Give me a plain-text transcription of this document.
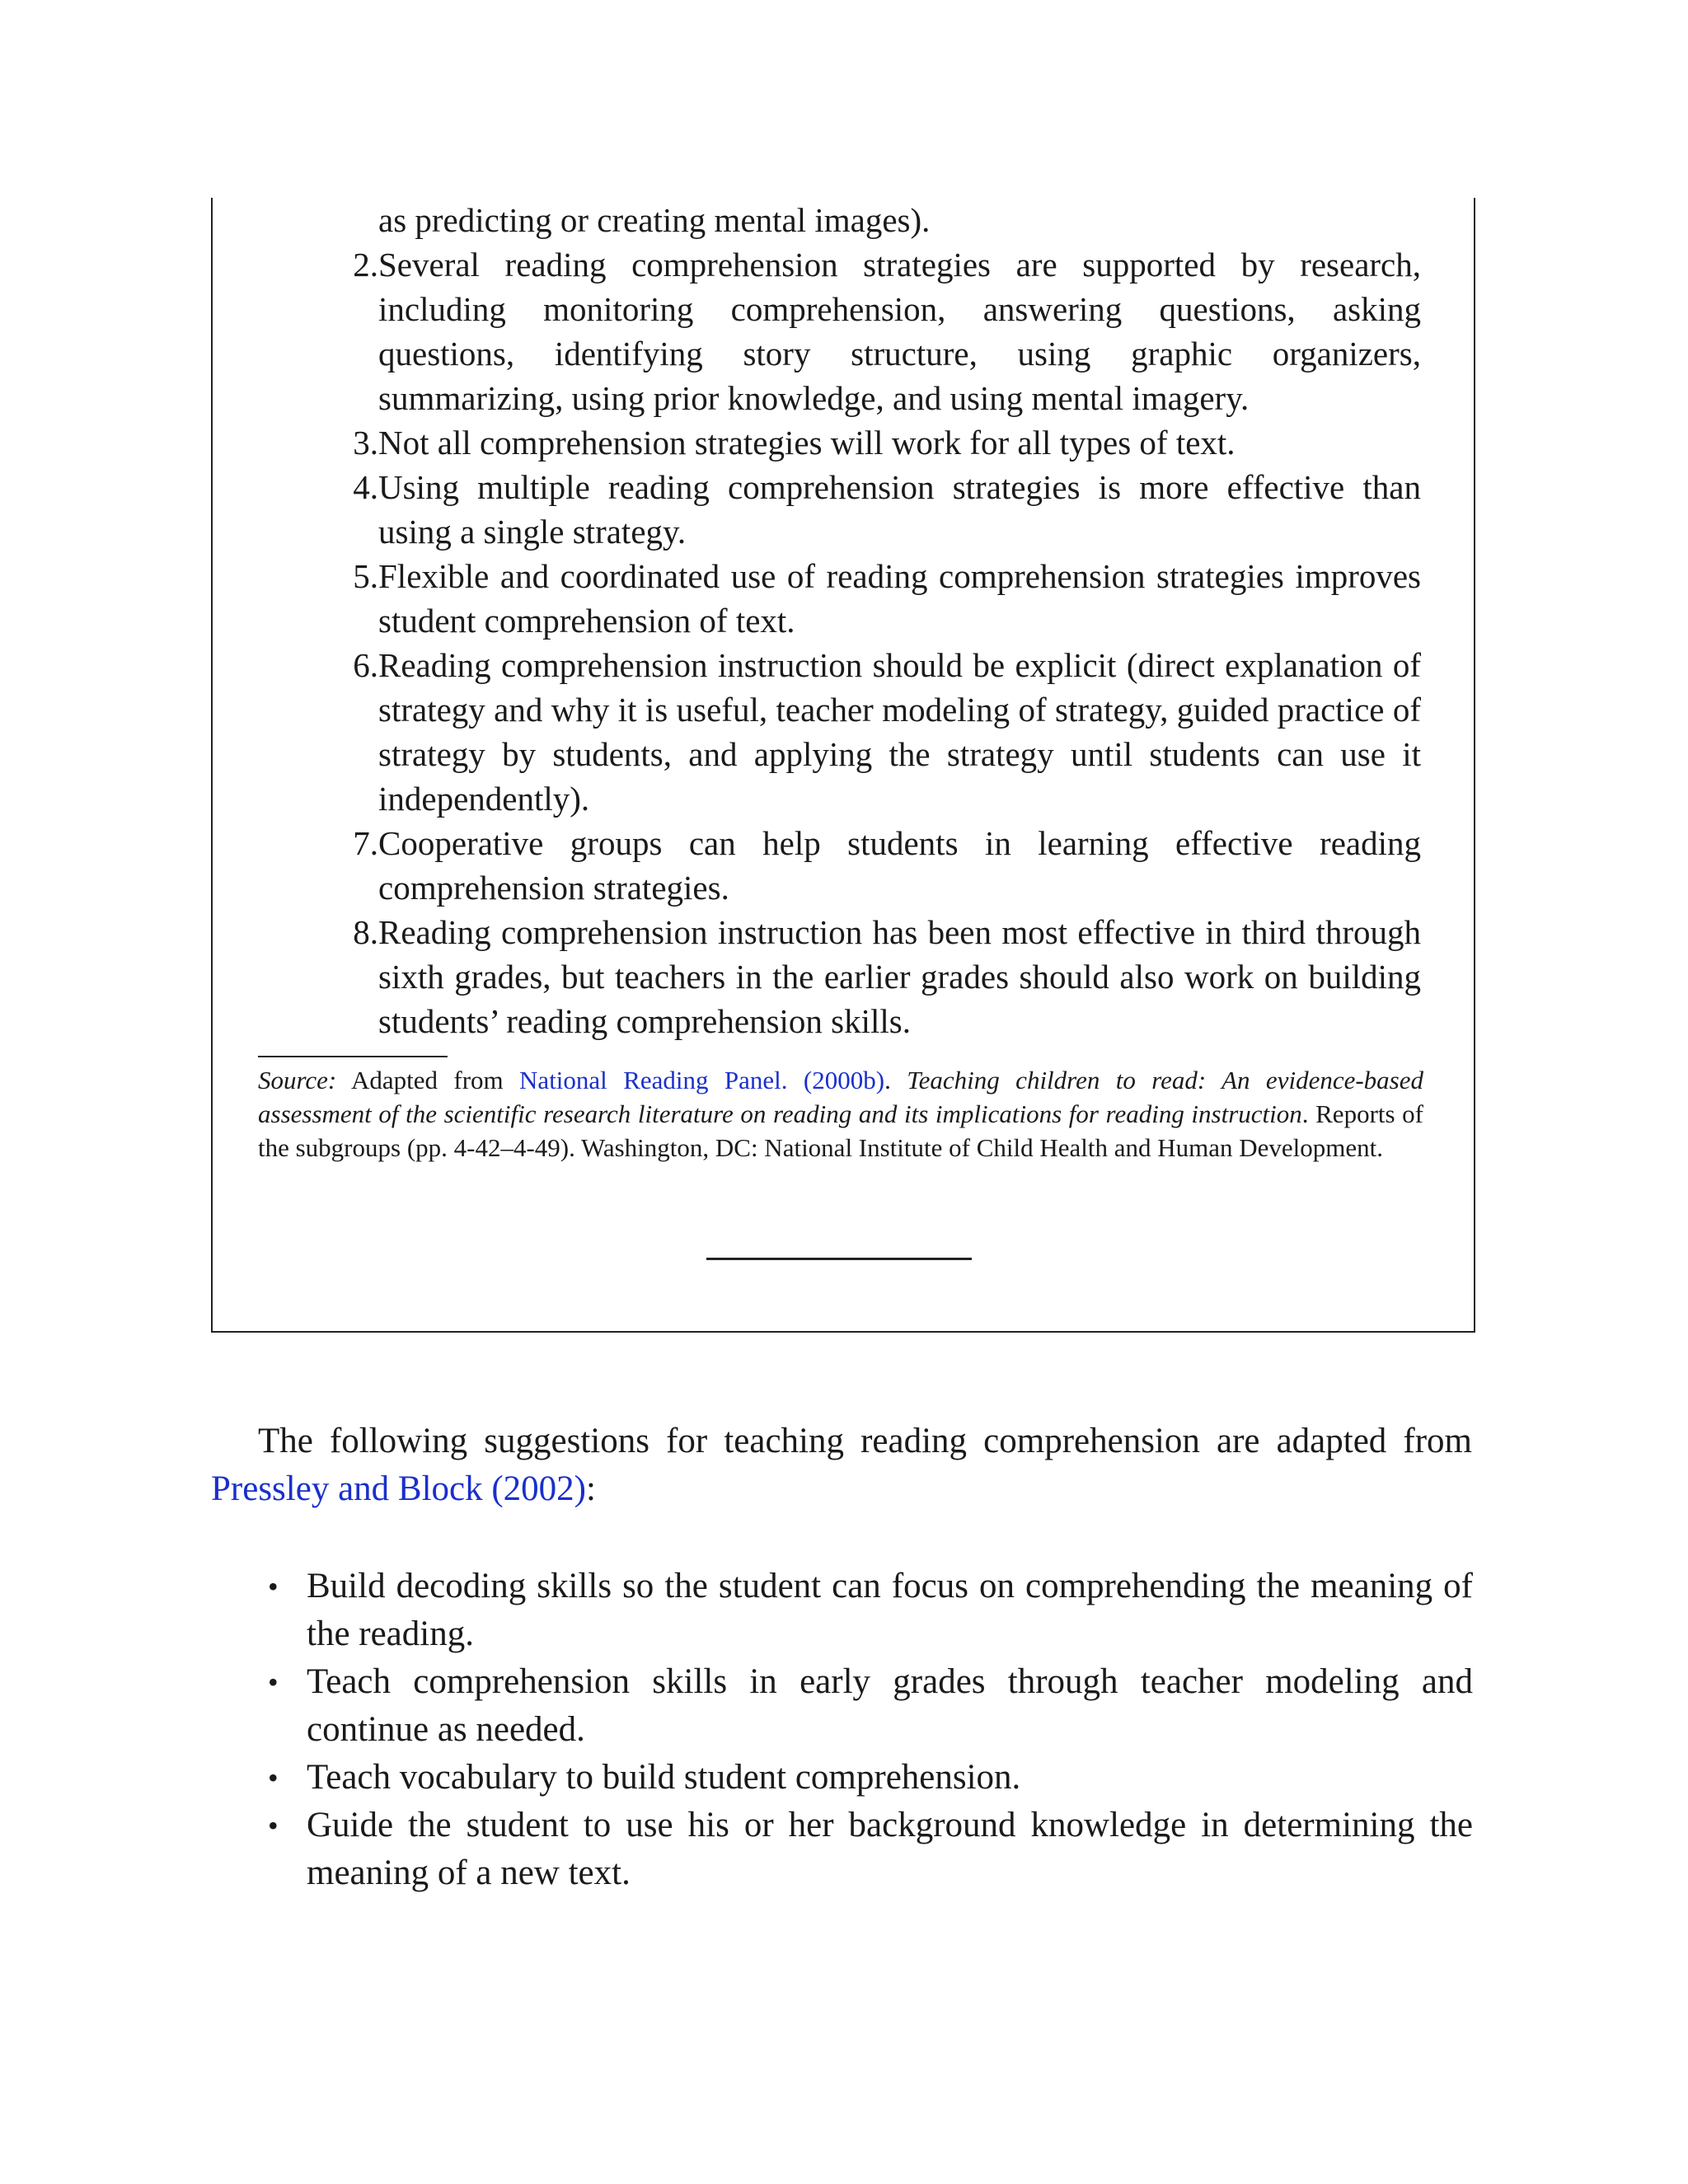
as predicting or creating mental images).
2. Several reading comprehension strategies are supported by research, including monitoring comprehension, answering questions, asking questions, identifying story structure, using graphic organizers, summarizing, using prior knowledge, and using mental imagery.
3. Not all comprehension strategies will work for all types of text.
4. Using multiple reading comprehension strategies is more effective than using a single strategy.
5. Flexible and coordinated use of reading comprehension strategies improves student comprehension of text.
6. Reading comprehension instruction should be explicit (direct explanation of strategy and why it is useful, teacher modeling of strategy, guided practice of strategy by students, and applying the strategy until students can use it independently).
7. Cooperative groups can help students in learning effective reading comprehension strategies.
8. Reading comprehension instruction has been most effective in third through sixth grades, but teachers in the earlier grades should also work on building students’ reading comprehension skills.
Source: Adapted from National Reading Panel. (2000b). Teaching children to read: An evidence-based assessment of the scientific research literature on reading and its implications for reading instruction. Reports of the subgroups (pp. 4-42–4-49). Washington, DC: National Institute of Child Health and Human Development.
The following suggestions for teaching reading comprehension are adapted from Pressley and Block (2002):
• Build decoding skills so the student can focus on comprehending the meaning of the reading.
• Teach comprehension skills in early grades through teacher modeling and continue as needed.
• Teach vocabulary to build student comprehension.
• Guide the student to use his or her background knowledge in determining the meaning of a new text.
